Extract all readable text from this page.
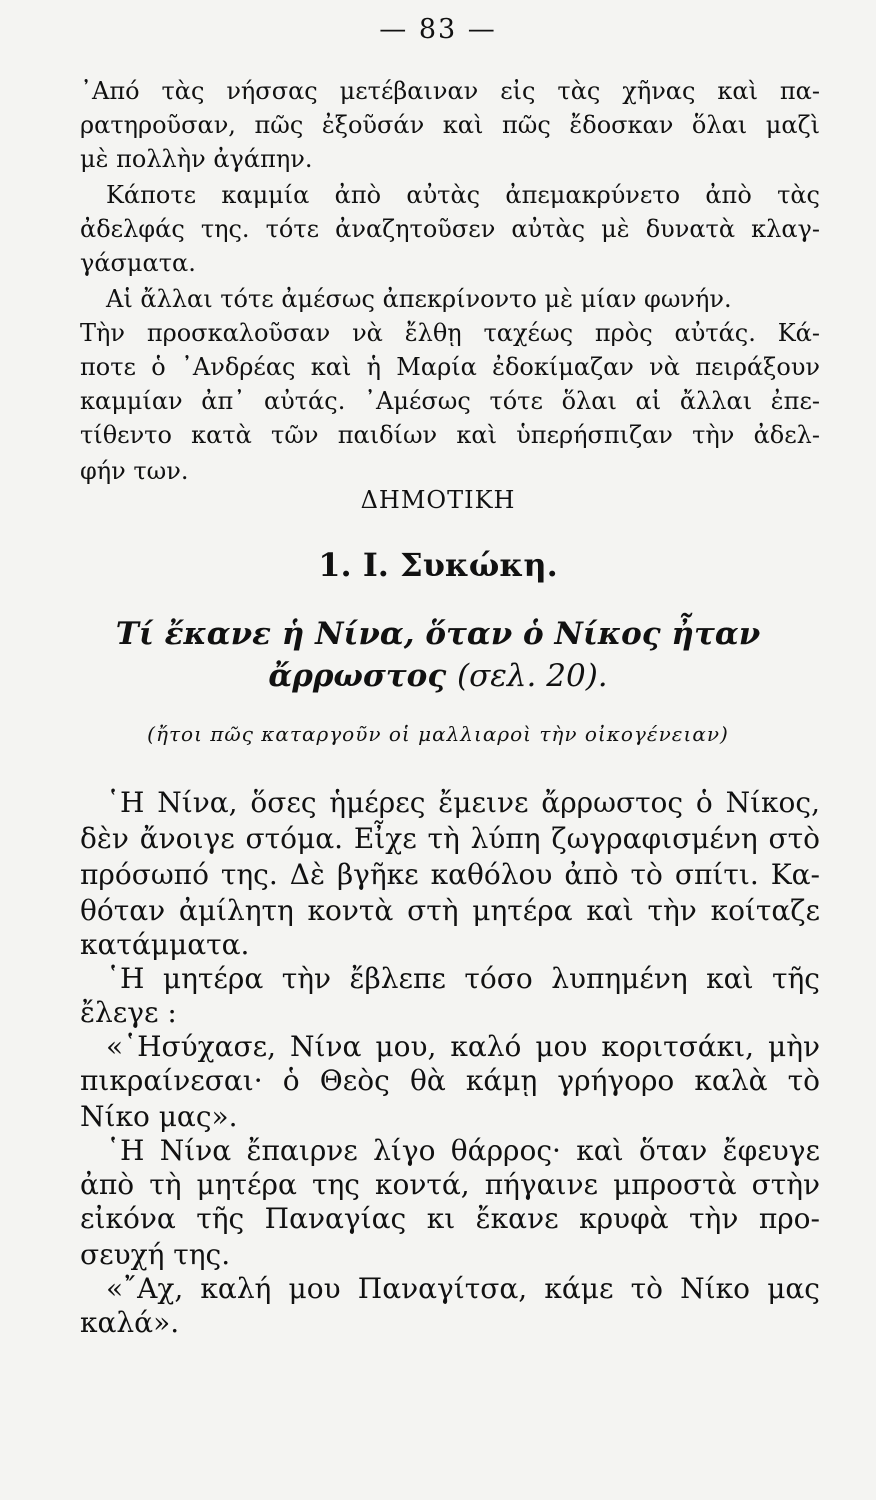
— 83 —
᾽Από τὰς νήσσας μετέβαιναν εἰς τὰς χῆνας καὶ πα-
ρατηροῦσαν, πῶς ἐξοῦσάν καὶ πῶς ἔδοσκαν ὅλαι μαζὶ
μὲ πολλὴν ἀγάπην.
Κάποτε καμμία ἀπὸ αὐτὰς ἀπεμακρύνετο ἀπὸ τὰς
ἀδελφάς της. τότε ἀναζητοῦσεν αὐτὰς μὲ δυνατὰ κλαγ-
γάσματα.
Αἱ ἄλλαι τότε ἀμέσως ἀπεκρίνοντο μὲ μίαν φωνήν.
Τὴν προσκαλοῦσαν νὰ ἔλθῃ ταχέως πρὸς αὐτάς. Κά-
ποτε ὁ ᾽Ανδρέας καὶ ἡ Μαρία ἐδοκίμαζαν νὰ πειράξουν
καμμίαν ἀπ᾽ αὐτάς. ᾽Αμέσως τότε ὅλαι αἱ ἄλλαι ἐπε-
τίθεντο κατὰ τῶν παιδίων καὶ ὑπερήσπιζαν τὴν ἀδελ-
φήν των.
ΔΗΜΟΤΙΚΗ
1. I. Συκώκη.
Τί ἔκανε ἡ Νίνα, ὅταν ὁ Νίκος ἦταν
ἄρρωστος (σελ. 20).
(ἤτοι πῶς καταργοῦν οἱ μαλλιαροὶ τὴν οἰκογένειαν)
῾Η Νίνα, ὅσες ἡμέρες ἔμεινε ἄρρωστος ὁ Νίκος,
δὲν ἄνοιγε στόμα. Εἶχε τὴ λύπη ζωγραφισμένη στὸ
πρόσωπό της. Δὲ βγῆκε καθόλου ἀπὸ τὸ σπίτι. Κα-
θόταν ἀμίλητη κοντὰ στὴ μητέρα καὶ τὴν κοίταζε
κατάμματα.
῾Η μητέρα τὴν ἔβλεπε τόσο λυπημένη καὶ τῆς
ἔλεγε :
«῾Ησύχασε, Νίνα μου, καλό μου κοριτσάκι, μὴν
πικραίνεσαι· ὁ Θεὸς θὰ κάμῃ γρήγορο καλὰ τὸ
Νίκο μας».
῾Η Νίνα ἔπαιρνε λίγο θάρρος· καὶ ὅταν ἔφευγε
ἀπὸ τὴ μητέρα της κοντά, πήγαινε μπροστὰ στὴν
εἰκόνα τῆς Παναγίας κι ἔκανε κρυφὰ τὴν προ-
σευχή της.
«῎Αχ, καλή μου Παναγίτσα, κάμε τὸ Νίκο μας
καλά».
